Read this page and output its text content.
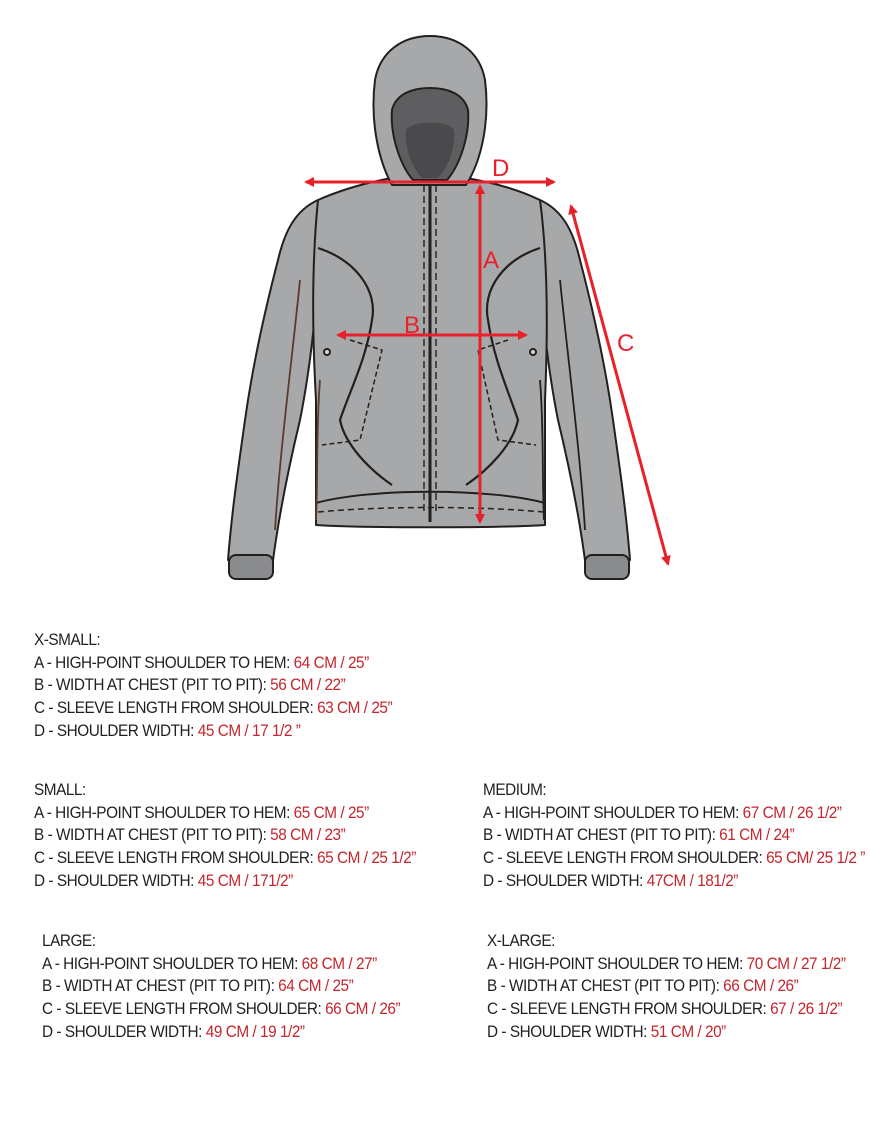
D
A
B
C
X-SMALL:
A - HIGH-POINT SHOULDER TO HEM: 64 CM / 25”
B - WIDTH AT CHEST (PIT TO PIT): 56 CM / 22”
C - SLEEVE LENGTH FROM SHOULDER: 63 CM / 25”
D - SHOULDER WIDTH: 45 CM / 17 1/2 ”
SMALL:
A - HIGH-POINT SHOULDER TO HEM: 65 CM / 25”
B - WIDTH AT CHEST (PIT TO PIT): 58 CM / 23”
C - SLEEVE LENGTH FROM SHOULDER: 65 CM / 25 1/2”
D - SHOULDER WIDTH: 45 CM / 171/2”
MEDIUM:
A - HIGH-POINT SHOULDER TO HEM: 67 CM / 26 1/2”
B - WIDTH AT CHEST (PIT TO PIT): 61 CM / 24”
C - SLEEVE LENGTH FROM SHOULDER: 65 CM/ 25 1/2 ”
D - SHOULDER WIDTH: 47CM / 181/2”
LARGE:
A - HIGH-POINT SHOULDER TO HEM: 68 CM / 27”
B - WIDTH AT CHEST (PIT TO PIT): 64 CM / 25”
C - SLEEVE LENGTH FROM SHOULDER: 66 CM / 26”
D - SHOULDER WIDTH: 49 CM / 19 1/2”
X-LARGE:
A - HIGH-POINT SHOULDER TO HEM: 70 CM / 27 1/2”
B - WIDTH AT CHEST (PIT TO PIT): 66 CM / 26”
C - SLEEVE LENGTH FROM SHOULDER: 67 / 26 1/2”
D - SHOULDER WIDTH: 51 CM / 20”
